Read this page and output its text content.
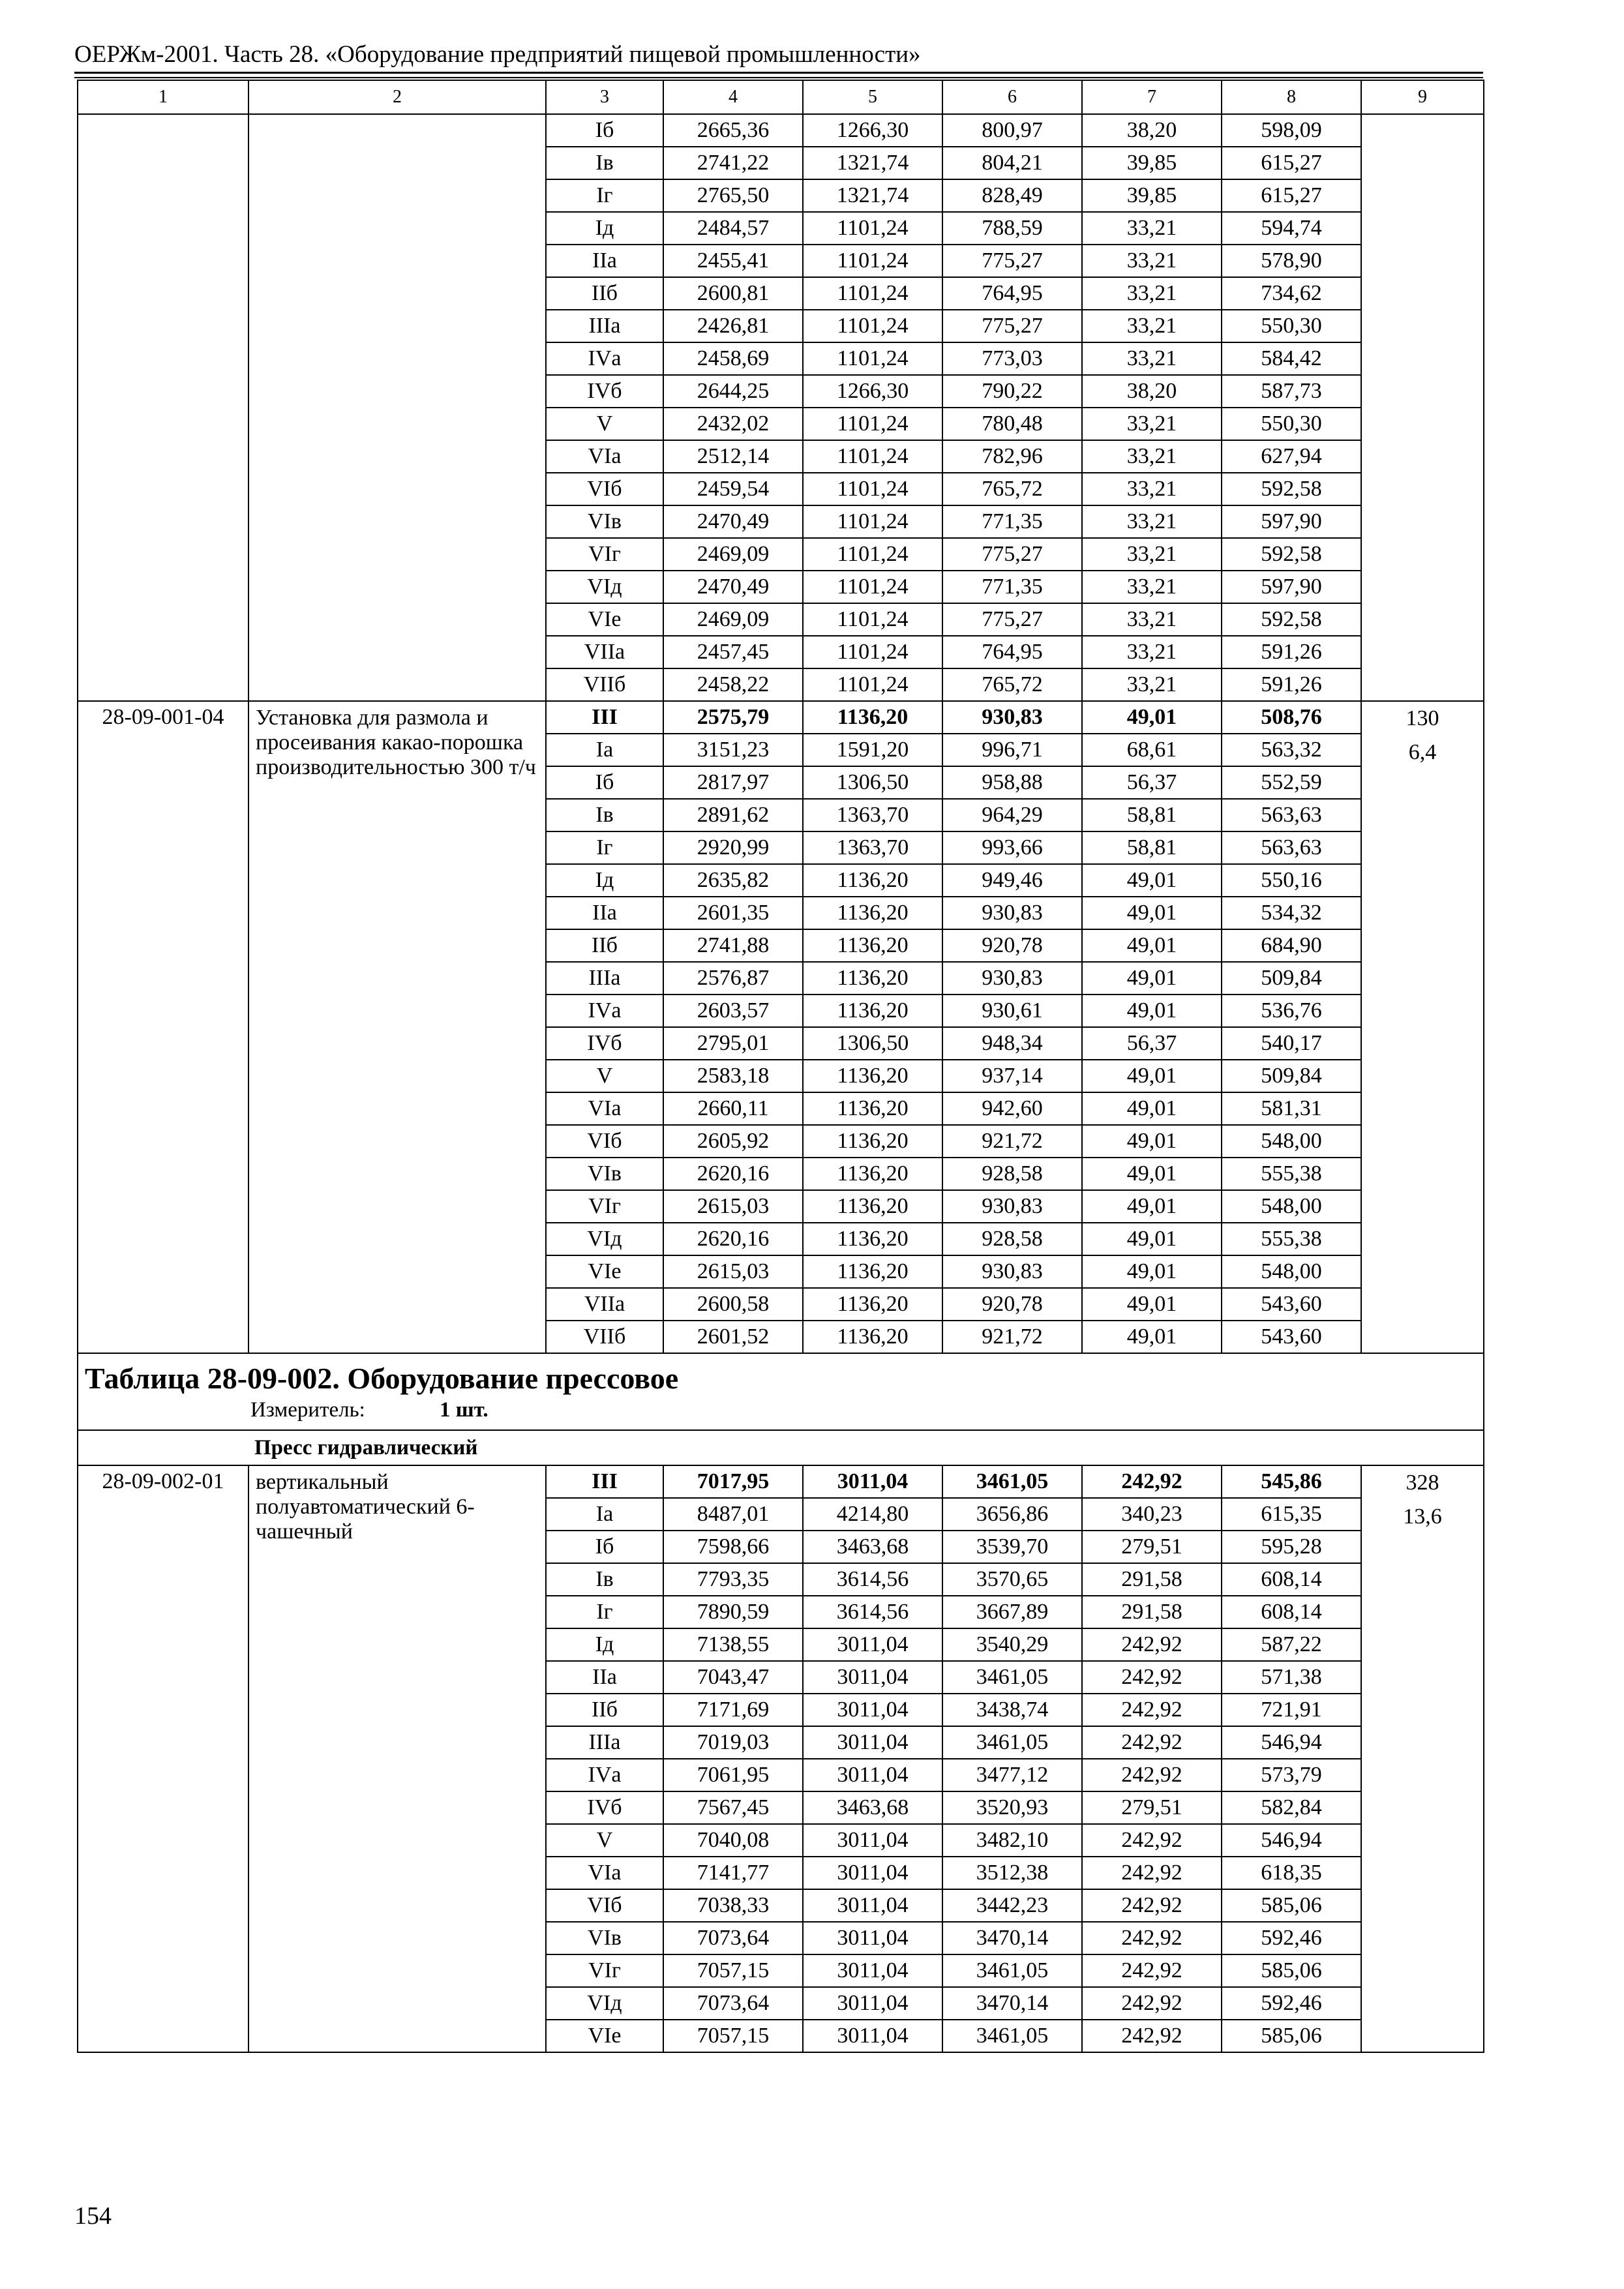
ОЕРЖм-2001. Часть 28. «Оборудование предприятий пищевой промышленности»
1	2	3	4	5	6	7	8	9
		Iб	2665,36	1266,30	800,97	38,20	598,09	

		Iв	2741,22	1321,74	804,21	39,85	615,27	
		Iг	2765,50	1321,74	828,49	39,85	615,27	
		Iд	2484,57	1101,24	788,59	33,21	594,74	
		IIа	2455,41	1101,24	775,27	33,21	578,90	
		IIб	2600,81	1101,24	764,95	33,21	734,62	
		IIIа	2426,81	1101,24	775,27	33,21	550,30	
		IVа	2458,69	1101,24	773,03	33,21	584,42	
		IVб	2644,25	1266,30	790,22	38,20	587,73	
		V	2432,02	1101,24	780,48	33,21	550,30	
		VIа	2512,14	1101,24	782,96	33,21	627,94	
		VIб	2459,54	1101,24	765,72	33,21	592,58	
		VIв	2470,49	1101,24	771,35	33,21	597,90	
		VIг	2469,09	1101,24	775,27	33,21	592,58	
		VIд	2470,49	1101,24	771,35	33,21	597,90	
		VIе	2469,09	1101,24	775,27	33,21	592,58	
		VIIа	2457,45	1101,24	764,95	33,21	591,26	
		VIIб	2458,22	1101,24	765,72	33,21	591,26	
28-09-001-04	Установка для размола и просеивания какао-порошка производительностью 300 т/ч	III	2575,79	1136,20	930,83	49,01	508,76	130
6,4

		Iа	3151,23	1591,20	996,71	68,61	563,32	
		Iб	2817,97	1306,50	958,88	56,37	552,59	
		Iв	2891,62	1363,70	964,29	58,81	563,63	
		Iг	2920,99	1363,70	993,66	58,81	563,63	
		Iд	2635,82	1136,20	949,46	49,01	550,16	
		IIа	2601,35	1136,20	930,83	49,01	534,32	
		IIб	2741,88	1136,20	920,78	49,01	684,90	
		IIIа	2576,87	1136,20	930,83	49,01	509,84	
		IVа	2603,57	1136,20	930,61	49,01	536,76	
		IVб	2795,01	1306,50	948,34	56,37	540,17	
		V	2583,18	1136,20	937,14	49,01	509,84	
		VIа	2660,11	1136,20	942,60	49,01	581,31	
		VIб	2605,92	1136,20	921,72	49,01	548,00	
		VIв	2620,16	1136,20	928,58	49,01	555,38	
		VIг	2615,03	1136,20	930,83	49,01	548,00	
		VIд	2620,16	1136,20	928,58	49,01	555,38	
		VIе	2615,03	1136,20	930,83	49,01	548,00	
		VIIа	2600,58	1136,20	920,78	49,01	543,60	
		VIIб	2601,52	1136,20	921,72	49,01	543,60	

Таблица 28-09-002. Оборудование прессовое
Измеритель: 1 шт.								

Пресс гидравлический								
28-09-002-01	вертикальный полуавтоматический 6-чашечный	III	7017,95	3011,04	3461,05	242,92	545,86	328
13,6

		Iа	8487,01	4214,80	3656,86	340,23	615,35	
		Iб	7598,66	3463,68	3539,70	279,51	595,28	
		Iв	7793,35	3614,56	3570,65	291,58	608,14	
		Iг	7890,59	3614,56	3667,89	291,58	608,14	
		Iд	7138,55	3011,04	3540,29	242,92	587,22	
		IIа	7043,47	3011,04	3461,05	242,92	571,38	
		IIб	7171,69	3011,04	3438,74	242,92	721,91	
		IIIа	7019,03	3011,04	3461,05	242,92	546,94	
		IVа	7061,95	3011,04	3477,12	242,92	573,79	
		IVб	7567,45	3463,68	3520,93	279,51	582,84	
		V	7040,08	3011,04	3482,10	242,92	546,94	
		VIа	7141,77	3011,04	3512,38	242,92	618,35	
		VIб	7038,33	3011,04	3442,23	242,92	585,06	
		VIв	7073,64	3011,04	3470,14	242,92	592,46	
		VIг	7057,15	3011,04	3461,05	242,92	585,06	
		VIд	7073,64	3011,04	3470,14	242,92	592,46	
		VIе	7057,15	3011,04	3461,05	242,92	585,06	
154
